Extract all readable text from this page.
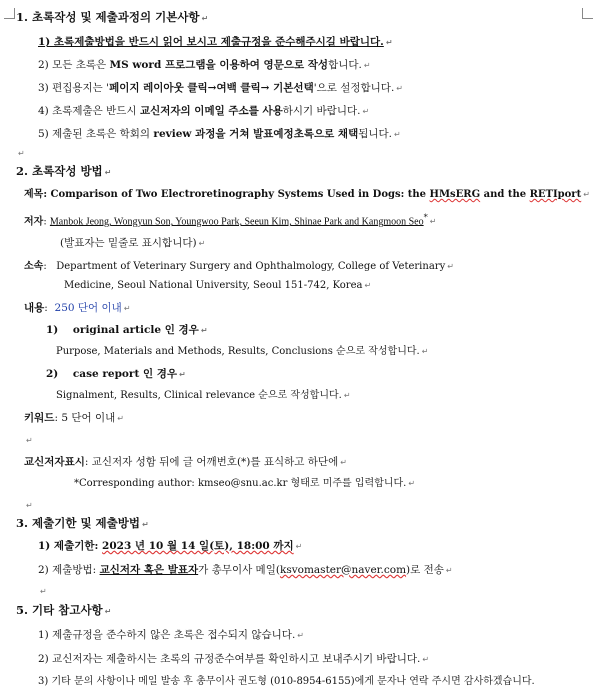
1. 초록작성 및 제출과정의 기본사항 ↵
1) 초록제출방법을 반드시 읽어 보시고 제출규정을 준수해주시길 바랍니다. ↵
2) 모든 초록은 MS word 프로그램을 이용하여 영문으로 작성합니다. ↵
3) 편집용지는 '페이지 레이아웃 클릭→여백 클릭→ 기본선택'으로 설정합니다. ↵
4) 초록제출은 반드시 교신저자의 이메일 주소를 사용하시기 바랍니다. ↵
5) 제출된 초록은 학회의 review 과정을 거쳐 발표예정초록으로 채택됩니다. ↵
↵
2. 초록작성 방법 ↵
제목: Comparison of Two Electroretinography Systems Used in Dogs: the HMsERG and the RETIport ↵
저자: Manbok Jeong, Wongyun Son, Youngwoo Park, Seeun Kim, Shinae Park and Kangmoon Seo* ↵
(발표자는 밑줄로 표시합니다) ↵
소속:   Department of Veterinary Surgery and Ophthalmology, College of Veterinary ↵
Medicine, Seoul National University, Seoul 151-742, Korea ↵
내용:  250 단어 이내 ↵
1) original article 인 경우 ↵
Purpose, Materials and Methods, Results, Conclusions 순으로 작성합니다. ↵
2) case report 인 경우 ↵
Signalment, Results, Clinical relevance 순으로 작성합니다. ↵
키워드: 5 단어 이내 ↵
↵
교신저자표시: 교신저자 성함 뒤에 글 어깨번호(*)를 표식하고 하단에 ↵
*Corresponding author: kmseo@snu.ac.kr 형태로 미주를 입력합니다. ↵
↵
3. 제출기한 및 제출방법 ↵
1) 제출기한: 2023 년 10 월 14 일(토), 18:00 까지 ↵
2) 제출방법: 교신저자 혹은 발표자가 총무이사 메일(ksvomaster@naver.com)로 전송 ↵
↵
5. 기타 참고사항 ↵
1) 제출규정을 준수하지 않은 초록은 접수되지 않습니다. ↵
2) 교신저자는 제출하시는 초록의 규정준수여부를 확인하시고 보내주시기 바랍니다. ↵
3) 기타 문의 사항이나 메일 발송 후 총무이사 권도형 (010-8954-6155)에게 문자나 연락 주시면 감사하겠습니다.
